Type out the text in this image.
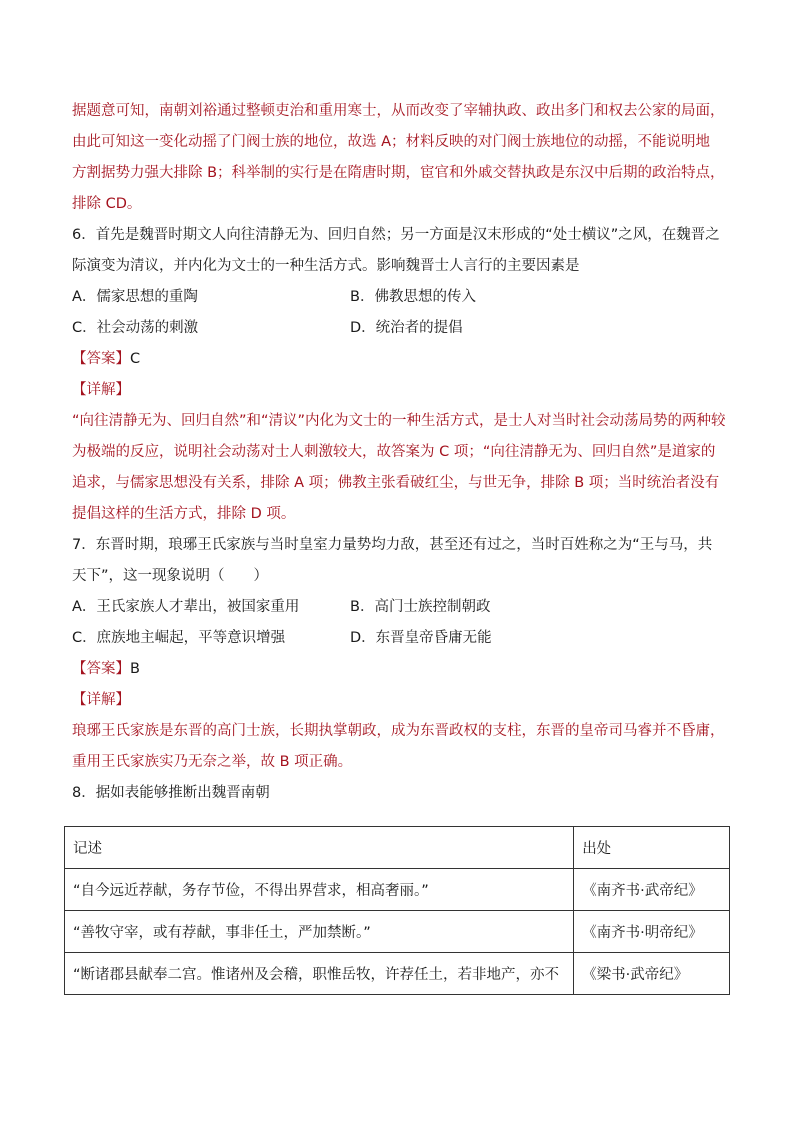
据题意可知，南朝刘裕通过整顿吏治和重用寒士，从而改变了宰辅执政、政出多门和权去公家的局面，

由此可知这一变化动摇了门阀士族的地位，故选 A；材料反映的对门阀士族地位的动摇，不能说明地

方割据势力强大排除 B；科举制的实行是在隋唐时期，宦官和外戚交替执政是东汉中后期的政治特点，

排除 CD。

6．首先是魏晋时期文人向往清静无为、回归自然；另一方面是汉末形成的“处士横议”之风，在魏晋之

际演变为清议，并内化为文士的一种生活方式。影响魏晋士人言行的主要因素是

A．儒家思想的重陶	B．佛教思想的传入
C．社会动荡的刺激	D．统治者的提倡
【答案】C
【详解】

“向往清静无为、回归自然”和“清议”内化为文士的一种生活方式，是士人对当时社会动荡局势的两种较

为极端的反应，说明社会动荡对士人刺激较大，故答案为 C 项；“向往清静无为、回归自然”是道家的

追求，与儒家思想没有关系，排除 A 项；佛教主张看破红尘，与世无争，排除 B 项；当时统治者没有

提倡这样的生活方式，排除 D 项。

7．东晋时期，琅琊王氏家族与当时皇室力量势均力敌，甚至还有过之，当时百姓称之为“王与马，共

天下”，这一现象说明（　　）

A．王氏家族人才辈出，被国家重用	B．高门士族控制朝政
C．庶族地主崛起，平等意识增强	D．东晋皇帝昏庸无能
【答案】B
【详解】

琅琊王氏家族是东晋的高门士族，长期执掌朝政，成为东晋政权的支柱，东晋的皇帝司马睿并不昏庸，

重用王氏家族实乃无奈之举，故 B 项正确。

8．据如表能够推断出魏晋南朝

记述	出处
“自今远近荐献，务存节俭，不得出界营求，相高奢丽。”	《南齐书·武帝纪》
“善牧守宰，或有荐献，事非任土，严加禁断。”	《南齐书·明帝纪》
“断诸郡县献奉二宫。惟诸州及会稽，职惟岳牧，许荐任土，若非地产，亦不	《梁书·武帝纪》
